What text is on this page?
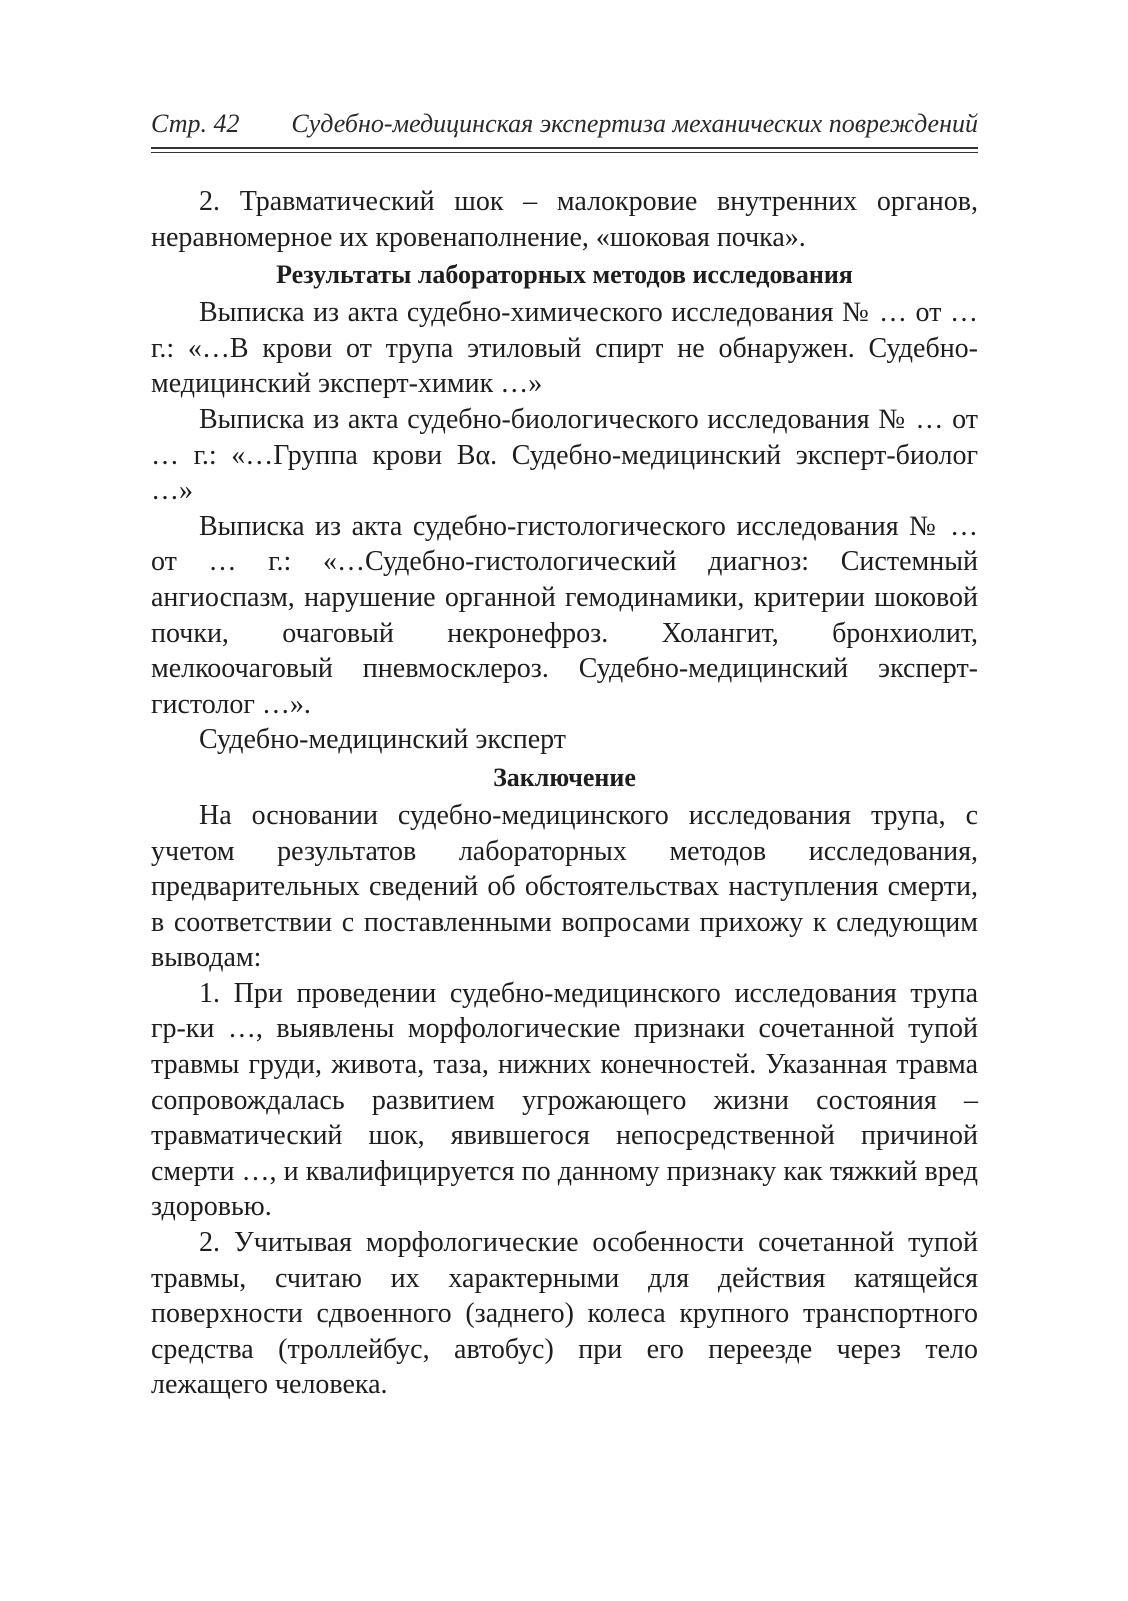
Стр. 42 Судебно-медицинская экспертиза механических повреждений

2. Травматический шок – малокровие внутренних органов, неравномерное их кровенаполнение, «шоковая почка».

Результаты лабораторных методов исследования

Выписка из акта судебно-химического исследования № … от … г.: «…В крови от трупа этиловый спирт не обнаружен. Судебно-медицинский эксперт-химик …»

Выписка из акта судебно-биологического исследования № … от … г.: «…Группа крови Вα. Судебно-медицинский эксперт-биолог …»

Выписка из акта судебно-гистологического исследования № … от … г.: «…Судебно-гистологический диагноз: Системный ангиоспазм, нарушение органной гемодинамики, критерии шоковой почки, очаговый некронефроз. Холангит, бронхиолит, мелкоочаговый пневмосклероз. Судебно-медицинский эксперт-гистолог …».

Судебно-медицинский эксперт

Заключение

На основании судебно-медицинского исследования трупа, с учетом результатов лабораторных методов исследования, предварительных сведений об обстоятельствах наступления смерти, в соответствии с поставленными вопросами прихожу к следующим выводам:

1. При проведении судебно-медицинского исследования трупа гр-ки …, выявлены морфологические признаки сочетанной тупой травмы груди, живота, таза, нижних конечностей. Указанная травма сопровождалась развитием угрожающего жизни состояния – травматический шок, явившегося непосредственной причиной смерти …, и квалифицируется по данному признаку как тяжкий вред здоровью.

2. Учитывая морфологические особенности сочетанной тупой травмы, считаю их характерными для действия катящейся поверхности сдвоенного (заднего) колеса крупного транспортного средства (троллейбус, автобус) при его переезде через тело лежащего человека.
